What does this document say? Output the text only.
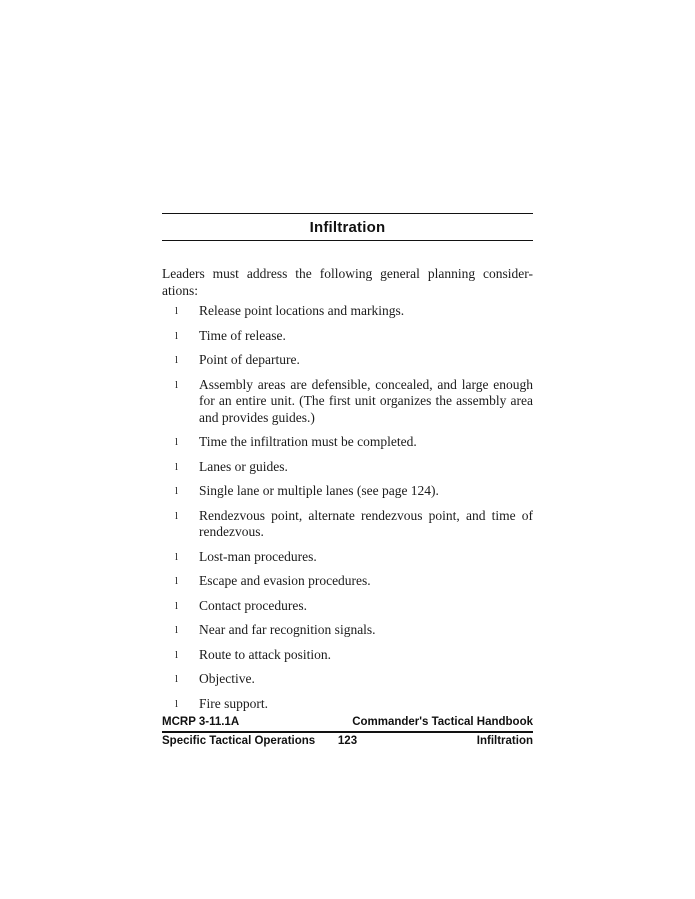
Infiltration
Leaders must address the following general planning consider-
ations:
l Release point locations and markings.
l Time of release.
l Point of departure.
l Assembly areas are defensible, concealed, and large enough for an entire unit. (The first unit organizes the assembly area and provides guides.)
l Time the infiltration must be completed.
l Lanes or guides.
l Single lane or multiple lanes (see page 124).
l Rendezvous point, alternate rendezvous point, and time of rendezvous.
l Lost-man procedures.
l Escape and evasion procedures.
l Contact procedures.
l Near and far recognition signals.
l Route to attack position.
l Objective.
l Fire support.
MCRP 3-11.1A	Commander's Tactical Handbook
Specific Tactical Operations	123	Infiltration
